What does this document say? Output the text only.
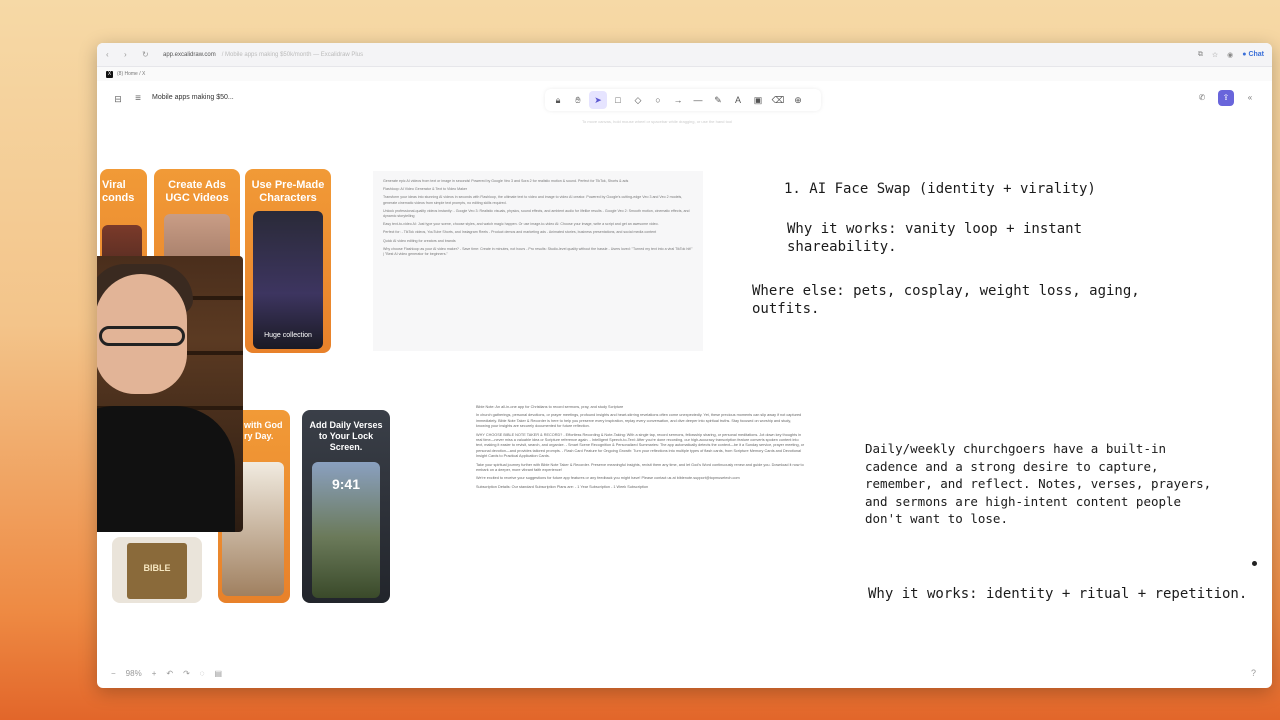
‹	›	↻	app.excalidraw.com / Mobile apps making $50k/month — Excalidraw Plus	⧉ ☆ ◉ ● Chat
X	(8) Home / X
⊟	≡	Mobile apps making $50...	🔒︎	✋︎	➤	□	◇	○	→	—	✎	A	▣	⌫	⊕	✆	⇪	«
To move canvas, hold mouse wheel or spacebar while dragging, or use the hand tool
Viral
conds
Create Ads
UGC Videos
Use Pre-Made
Characters
Huge collection

Generate epic AI videos from text or image in seconds! Powered by Google Veo 3 and Sora 2 for realistic motion & sound. Perfect for TikTok, Shorts & ads

Flashloop: AI Video Generator & Text to Video Maker

Transform your ideas into stunning AI videos in seconds with Flashloop, the ultimate text to video and image to video AI creator. Powered by Google's cutting-edge Veo 3 and Veo 2 models, generate cinematic videos from simple text prompts, no editing skills required.

Unlock professional-quality videos instantly: - Google Veo 3: Realistic visuals, physics, sound effects, and ambient audio for lifelike results - Google Veo 2: Smooth motion, cinematic effects, and dynamic storytelling

Easy text-to-video AI: Just type your scene, choose styles, and watch magic happen. Or use image-to-video AI: Choose your image, write a script and get an awesome video.

Perfect for: - TikTok videos, YouTube Shorts, and Instagram Reels - Product demos and marketing ads - Animated stories, business presentations, and social media content

Quick AI video editing for creators and brands

Why choose Flashloop as your AI video maker? - Save time: Create in minutes, not hours - Pro results: Studio-level quality without the hassle - Users loved: "Turned my text into a viral TikTok hit!" | "Best AI video generator for beginners."

1. AI Face Swap (identity + virality)
Why it works: vanity loop + instant
shareability.
Where else: pets, cosplay, weight loss, aging,
outfits.
with God
ry Day.
Add Daily Verses
to Your Lock Screen.
9:41
BIBLE

Bible Note: An all-in-one app for Christians to record sermons, pray, and study Scripture

In church gatherings, personal devotions, or prayer meetings, profound insights and heart-stirring revelations often come unexpectedly. Yet, these precious moments can slip away if not captured immediately. Bible Note Taker & Recorder is here to help you preserve every inspiration, replay every conversation, and dive deeper into spiritual truths. Stay focused on worship and study, knowing your insights are securely documented for future reflection.

WHY CHOOSE BIBLE NOTE TAKER & RECORD? - Effortless Recording & Note-Taking: With a single tap, record sermons, fellowship sharing, or personal meditations. Jot down key thoughts in real time—never miss a valuable idea or Scripture reference again. - Intelligent Speech-to-Text: After you're done recording, our high-accuracy transcription feature converts spoken content into text, making it easier to revisit, search, and organize. - Smart Scene Recognition & Personalized Summaries: The app automatically detects the context—be it a Sunday service, prayer meeting, or personal devotion—and provides tailored prompts. - Flash Card Feature for Ongoing Growth: Turn your reflections into multiple types of flash cards, from Scripture Memory Cards and Devotional Insight Cards to Practical Application Cards.

Take your spiritual journey further with Bible Note Taker & Recorder. Preserve meaningful insights, revisit them any time, and let God's Word continuously renew and guide you. Download it now to embark on a deeper, more vibrant faith experience!

We're excited to receive your suggestions for future app features or any feedback you might have! Please contact us at biblenote.support@topmusetech.com

Subscription Details: Our standard Subscription Plans are: - 1 Year Subscription - 1 Week Subscription

Daily/weekly churchgoers have a built-in
cadence and a strong desire to capture,
remember, and reflect. Notes, verses, prayers,
and sermons are high-intent content people
don't want to lose.
Why it works: identity + ritual + repetition.
− 98% + ↶ ↷ ◌ ▤	?
